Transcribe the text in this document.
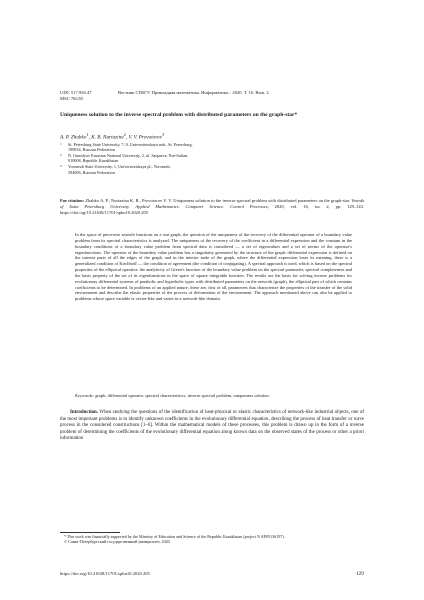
UDC 517.956.47	Вестник СПбГУ. Прикладная математика. Информатика... 2020. Т. 16. Вып. 2
MSC 76G55
Uniqueness solution to the inverse spectral problem with distributed parameters on the graph-star*
A. P. Zhabko$^1$, K. B. Nurtazina$^2$, V. V. Provotorov$^3$
1	St. Petersburg State University, 7–9, Universitetskaya nab., St. Petersburg,
199034, Russian Federation
2	N. Gumilyov Eurasian National University, 2, ul. Satpaeva, Nur-Sultan,
010008, Republic Kazakhstan
3	Voronezh State University, 1, Universitetskaya pl., Voronezh,
394006, Russian Federation
For citation: Zhabko A. P., Nurtazina K. B., Provotorov V. V. Uniqueness solution to the inverse spectral problem with distributed parameters on the graph-star. Vestnik of Saint Petersburg University. Applied Mathematics. Computer Science. Control Processes, 2020, vol. 16, iss. 2, pp. 129–143. https://doi.org/10.21638/11701/spbu10.2020.205
In the space of piecewise smooth functions on a star graph, the question of the uniqueness of the recovery of the differential operator of a boundary value problem from its spectral characteristics is analyzed. The uniqueness of the recovery of the coefficient in a differential expression and the constant in the boundary conditions of a boundary value problem from spectral data is considered — a set of eigenvalues and a set of norms of the operator's eigenfunctions. The operator of the boundary value problem has a singularity generated by the structure of the graph: differential expression is defined on the interior parts of all the edges of the graph, and in the interior node of the graph, where the differential expression loses its meaning, there is a generalized condition of Kirchhoff — the condition of agreement (the condition of conjugating). A spectral approach is used, which is based on the spectral properties of the elliptical operator: the analyticity of Green's function of the boundary value problem on the spectral parameter, spectral completeness and the basis property of the set of its eigenfunctions in the space of square integrable function. The results are the basis for solving inverse problems for evolutionary differential systems of parabolic and hyperbolic types with distributed parameters on the network (graph), the elliptical part of which contains coefficients to be determined. In problems of an applied nature, these are, first of all, parameters that characterize the properties of the transfer of the solid environment and describe the elastic properties of the process of deformation of the environment. The approach mentioned above can also be applied to problems whose space variable is vector-like and varies in a network-like domain.
Keywords: graph, differential operator, spectral characteristics, inverse spectral problem, uniqueness solution.
Introduction. When studying the questions of the identification of heat-physical or elastic characteristics of network-like industrial objects, one of the most important problems is to identify unknown coefficients in the evolutionary differential equation, describing the process of heat transfer or wave process in the considered constructions [1–6]. Within the mathematical models of these processes, this problem is drawn up in the form of a inverse problem of determining the coefficients of the evolutionary differential equation along known data on the observed states of the process or other a priori information
* This work was financially supported by the Ministry of Education and Science of the Republic Kazakhstan (project N AP05136197).
© Санкт-Петербургский государственный университет, 2020
https://doi.org/10.21638/11701/spbu10.2020.205	129
